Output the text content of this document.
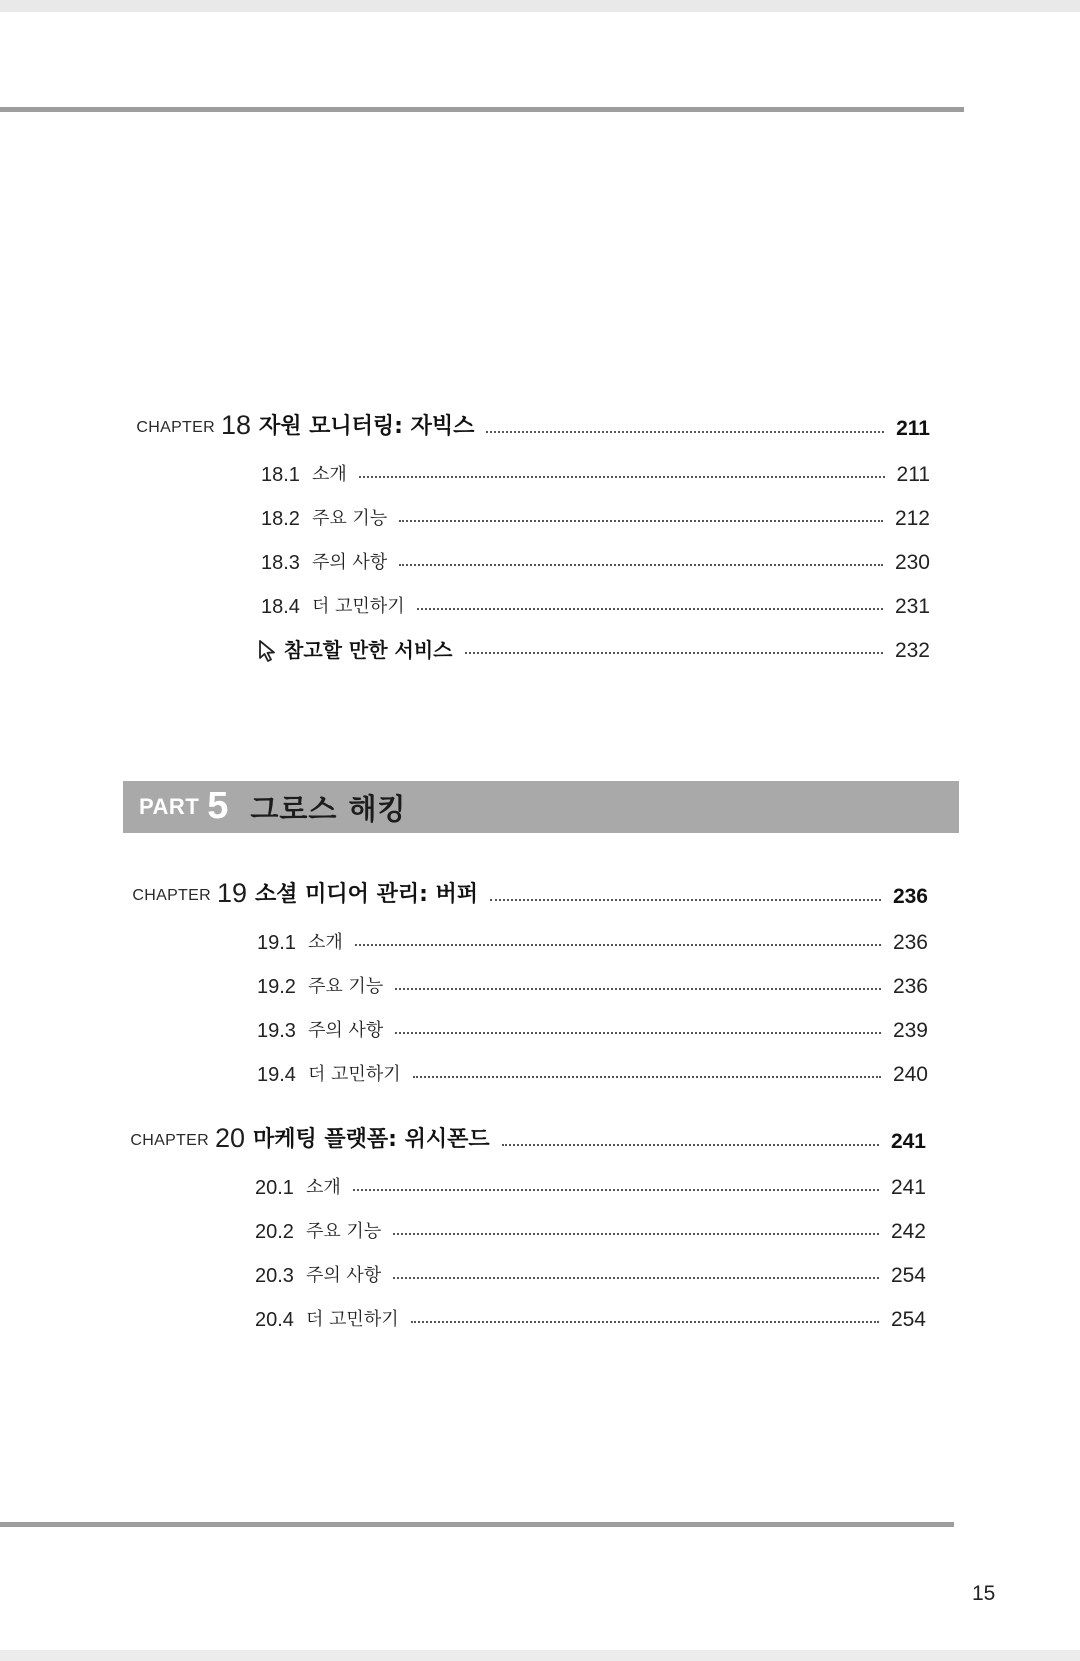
CHAPTER 18 자원 모니터링: 자빅스	211
18.1 소개	211
18.2 주요 기능	212
18.3 주의 사항	230
18.4 더 고민하기	231
참고할 만한 서비스	232
PART 5 그로스 해킹
CHAPTER 19 소셜 미디어 관리: 버퍼	236
19.1 소개	236
19.2 주요 기능	236
19.3 주의 사항	239
19.4 더 고민하기	240
CHAPTER 20 마케팅 플랫폼: 위시폰드	241
20.1 소개	241
20.2 주요 기능	242
20.3 주의 사항	254
20.4 더 고민하기	254
15
